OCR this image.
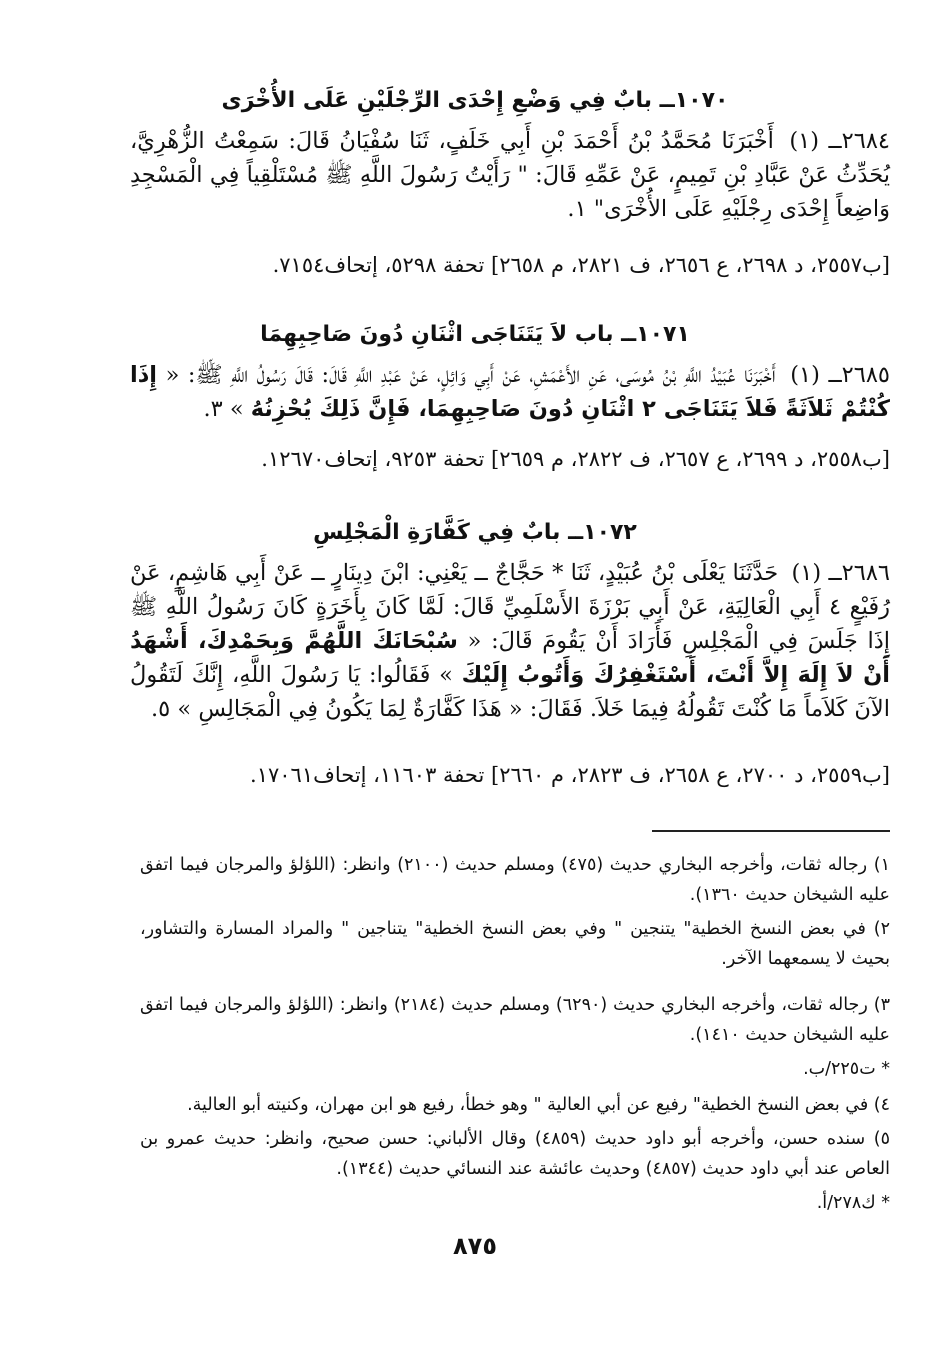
١٠٧٠ــ بابٌ فِي وَضْعِ إِحْدَى الرِّجْلَيْنِ عَلَى الأُخْرَى
٢٦٨٤ــ (١) أَخْبَرَنَا مُحَمَّدُ بْنُ أَحْمَدَ بْنِ أَبِي خَلَفٍ، ثَنَا سُفْيَانُ قَالَ: سَمِعْتُ الزُّهْرِيَّ، يُحَدِّثُ عَنْ عَبَّادِ بْنِ تَمِيمٍ، عَنْ عَمِّهِ قَالَ: " رَأَيْتُ رَسُولَ اللَّهِ ﷺ مُسْتَلْقِياً فِي الْمَسْجِدِ وَاضِعاً إِحْدَى رِجْلَيْهِ عَلَى الأُخْرَى" ١.
[ب٢٥٥٧، د ٢٦٩٨، ع ٢٦٥٦، ف ٢٨٢١، م ٢٦٥٨] تحفة ٥٢٩٨، إتحاف٧١٥٤.
١٠٧١ــ باب لاَ يَتَنَاجَى اثْنَانِ دُونَ صَاحِبِهِمَا
٢٦٨٥ــ (١) أَخْبَرَنَا عُبَيْدُ اللَّهِ بْنُ مُوسَى، عَنِ الأَعْمَشِ، عَنْ أَبِي وَائِلٍ، عَنْ عَبْدِ اللَّهِ قَالَ: قَالَ رَسُولُ اللَّهِ ﷺ: « إِذَا كُنْتُمْ ثَلاَثَةً فَلاَ يَتَنَاجَى ٢ اثْنَانِ دُونَ صَاحِبِهِمَا، فَإِنَّ ذَلِكَ يُحْزِنُهُ » ٣.
[ب٢٥٥٨، د ٢٦٩٩، ع ٢٦٥٧، ف ٢٨٢٢، م ٢٦٥٩] تحفة ٩٢٥٣، إتحاف١٢٦٧٠.
١٠٧٢ــ بابٌ فِي كَفَّارَةِ الْمَجْلِسِ
٢٦٨٦ــ (١) حَدَّثَنَا يَعْلَى بْنُ عُبَيْدٍ، ثَنَا * حَجَّاجٌ ــ يَعْنِي: ابْنَ دِينَارٍ ــ عَنْ أَبِي هَاشِمٍ، عَنْ رُفَيْعٍ ٤ أَبِي الْعَالِيَةِ، عَنْ أَبِي بَرْزَةَ الأَسْلَمِيِّ قَالَ: لَمَّا كَانَ بِأَخَرَةٍ كَانَ رَسُولُ اللَّهِ ﷺ إِذَا جَلَسَ فِي الْمَجْلِسِ فَأَرَادَ أَنْ يَقُومَ قَالَ: « سُبْحَانَكَ اللَّهُمَّ وَبِحَمْدِكَ، أَشْهَدُ أَنْ لاَ إِلَهَ إِلاَّ أَنْتَ، أَسْتَغْفِرُكَ وَأَتُوبُ إِلَيْكَ » فَقَالُوا: يَا رَسُولَ اللَّهِ، إِنَّكَ لَتَقُولُ الآنَ كَلاَماً مَا كُنْتَ تَقُولُهُ فِيمَا خَلاَ. فَقَالَ: « هَذَا كَفَّارَةٌ لِمَا يَكُونُ فِي الْمَجَالِسِ » ٥.
[ب٢٥٥٩، د ٢٧٠٠، ع ٢٦٥٨، ف ٢٨٢٣، م ٢٦٦٠] تحفة ١١٦٠٣، إتحاف١٧٠٦١.
١) رجاله ثقات، وأخرجه البخاري حديث (٤٧٥) ومسلم حديث (٢١٠٠) وانظر: (اللؤلؤ والمرجان فيما اتفق عليه الشيخان حديث ١٣٦٠).
٢) في بعض النسخ الخطية" يتنجين " وفي بعض النسخ الخطية" يتناجين " والمراد المسارة والتشاور، بحيث لا يسمعهما الآخر.
٣) رجاله ثقات، وأخرجه البخاري حديث (٦٢٩٠) ومسلم حديث (٢١٨٤) وانظر: (اللؤلؤ والمرجان فيما اتفق عليه الشيخان حديث ١٤١٠).
* ت٢٢٥/ب.
٤) في بعض النسخ الخطية" رفيع عن أبي العالية " وهو خطأ، رفيع هو ابن مهران، وكنيته أبو العالية.
٥) سنده حسن، وأخرجه أبو داود حديث (٤٨٥٩) وقال الألباني: حسن صحيح، وانظر: حديث عمرو بن العاص عند أبي داود حديث (٤٨٥٧) وحديث عائشة عند النسائي حديث (١٣٤٤).
* ك٢٧٨/أ.
٨٧٥
